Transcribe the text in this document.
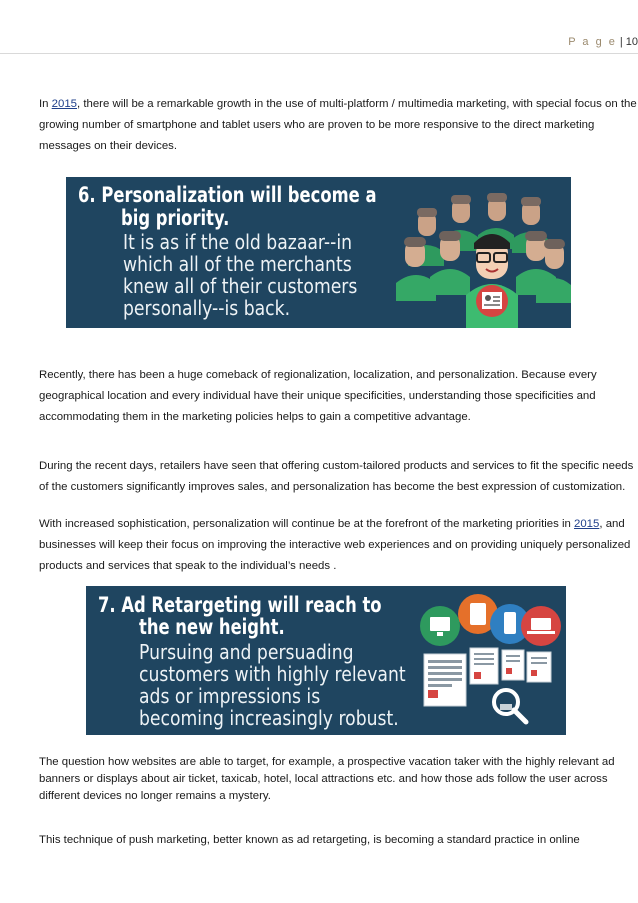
P a g e | 10

In 2015, there will be a remarkable growth in the use of multi-platform / multimedia marketing, with special focus on the growing number of smartphone and tablet users who are proven to be more responsive to the direct marketing messages on their devices.

6. Personalization will become a
big priority.
It is as if the old bazaar--in
which all of the merchants
knew all of their customers
personally--is back.

Recently, there has been a huge comeback of regionalization, localization, and personalization. Because every geographical location and every individual have their unique specificities, understanding those specificities and accommodating them in the marketing policies helps to gain a competitive advantage.

During the recent days, retailers have seen that offering custom-tailored products and services to fit the specific needs of the customers significantly improves sales, and personalization has become the best expression of customization.

With increased sophistication, personalization will continue be at the forefront of the marketing priorities in 2015, and businesses will keep their focus on improving the interactive web experiences and on providing uniquely personalized products and services that speak to the individual’s needs .

7. Ad Retargeting will reach to
the new height.
Pursuing and persuading
customers with highly relevant
ads or impressions is
becoming increasingly robust.

The question how websites are able to target, for example, a prospective vacation taker with the highly relevant ad banners or displays about air ticket, taxicab, hotel, local attractions etc. and how those ads follow the user across different devices no longer remains a mystery.

This technique of push marketing, better known as ad retargeting, is becoming a standard practice in online
